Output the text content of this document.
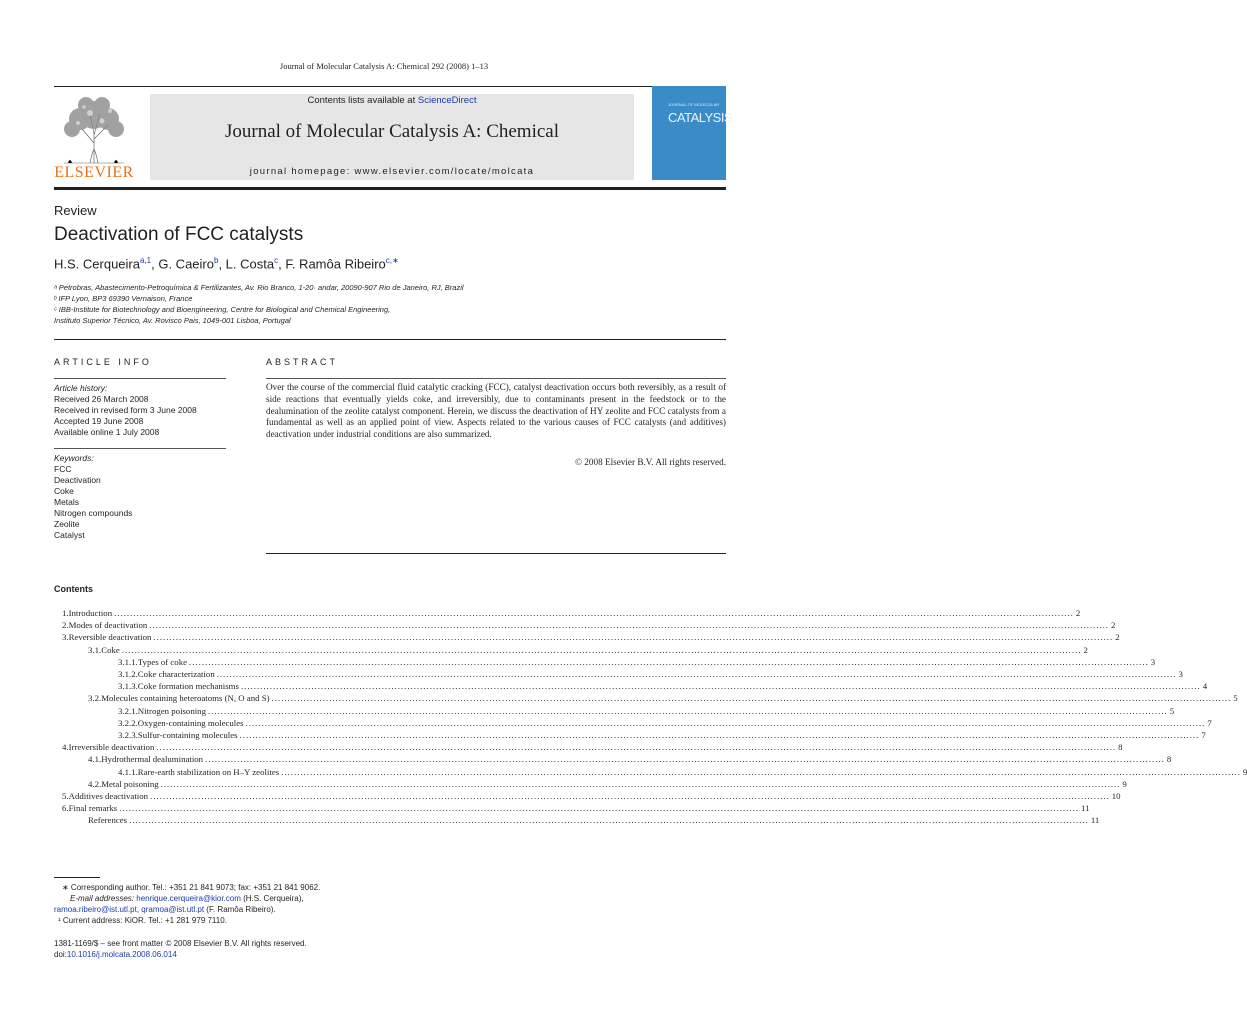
Journal of Molecular Catalysis A: Chemical 292 (2008) 1–13
ELSEVIER
Contents lists available at ScienceDirect
Journal of Molecular Catalysis A: Chemical
journal homepage: www.elsevier.com/locate/molcata
JOURNAL OF MOLECULAR
CATALYSIS
Review
Deactivation of FCC catalysts
H.S. Cerqueira$^{a,1}$, G. Caeiro$^b$, L. Costa$^c$, F. Ramôa Ribeiro$^{c,∗}$
ᵃ Petrobras, Abastecimento-Petroquímica & Fertilizantes, Av. Rio Branco, 1-20· andar, 20090-907 Rio de Janeiro, RJ, Brazil
ᵇ IFP Lyon, BP3 69390 Vernaison, France
ᶜ IBB-Institute for Biotechnology and Bioengineering, Centre for Biological and Chemical Engineering,
Instituto Superior Técnico, Av. Rovisco Pais, 1049-001 Lisboa, Portugal
ARTICLE INFO
Article history:
Received 26 March 2008
Received in revised form 3 June 2008
Accepted 19 June 2008
Available online 1 July 2008
Keywords:
FCC
Deactivation
Coke
Metals
Nitrogen compounds
Zeolite
Catalyst
ABSTRACT
Over the course of the commercial fluid catalytic cracking (FCC), catalyst deactivation occurs both reversibly, as a result of side reactions that eventually yields coke, and irreversibly, due to contaminants present in the feedstock or to the dealumination of the zeolite catalyst component. Herein, we discuss the deactivation of HY zeolite and FCC catalysts from a fundamental as well as an applied point of view. Aspects related to the various causes of FCC catalysts (and additives) deactivation under industrial conditions are also summarized.
© 2008 Elsevier B.V. All rights reserved.
Contents
1. Introduction ............................................................................................................................................................................................................................................................................................................ 2
2. Modes of deactivation ............................................................................................................................................................................................................................................................................................................ 2
3. Reversible deactivation ............................................................................................................................................................................................................................................................................................................ 2
3.1. Coke ............................................................................................................................................................................................................................................................................................................ 2
3.1.1. Types of coke ............................................................................................................................................................................................................................................................................................................ 3
3.1.2. Coke characterization ............................................................................................................................................................................................................................................................................................................ 3
3.1.3. Coke formation mechanisms ............................................................................................................................................................................................................................................................................................................ 4
3.2. Molecules containing heteroatoms (N, O and S) ............................................................................................................................................................................................................................................................................................................ 5
3.2.1. Nitrogen poisoning ............................................................................................................................................................................................................................................................................................................ 5
3.2.2. Oxygen-containing molecules ............................................................................................................................................................................................................................................................................................................ 7
3.2.3. Sulfur-containing molecules ............................................................................................................................................................................................................................................................................................................ 7
4. Irreversible deactivation ............................................................................................................................................................................................................................................................................................................ 8
4.1. Hydrothermal dealumination ............................................................................................................................................................................................................................................................................................................ 8
4.1.1. Rare-earth stabilization on H–Y zeolites ............................................................................................................................................................................................................................................................................................................ 9
4.2. Metal poisoning ............................................................................................................................................................................................................................................................................................................ 9
5. Additives deactivation ............................................................................................................................................................................................................................................................................................................ 10
6. Final remarks ............................................................................................................................................................................................................................................................................................................ 11
References ............................................................................................................................................................................................................................................................................................................ 11
∗ Corresponding author. Tel.: +351 21 841 9073; fax: +351 21 841 9062.
E-mail addresses: henrique.cerqueira@kior.com (H.S. Cerqueira),
ramoa.ribeiro@ist.utl.pt, qramoa@ist.utl.pt (F. Ramôa Ribeiro).
¹ Current address: KiOR. Tel.: +1 281 979 7110.
1381-1169/$ – see front matter © 2008 Elsevier B.V. All rights reserved.
doi:10.1016/j.molcata.2008.06.014
